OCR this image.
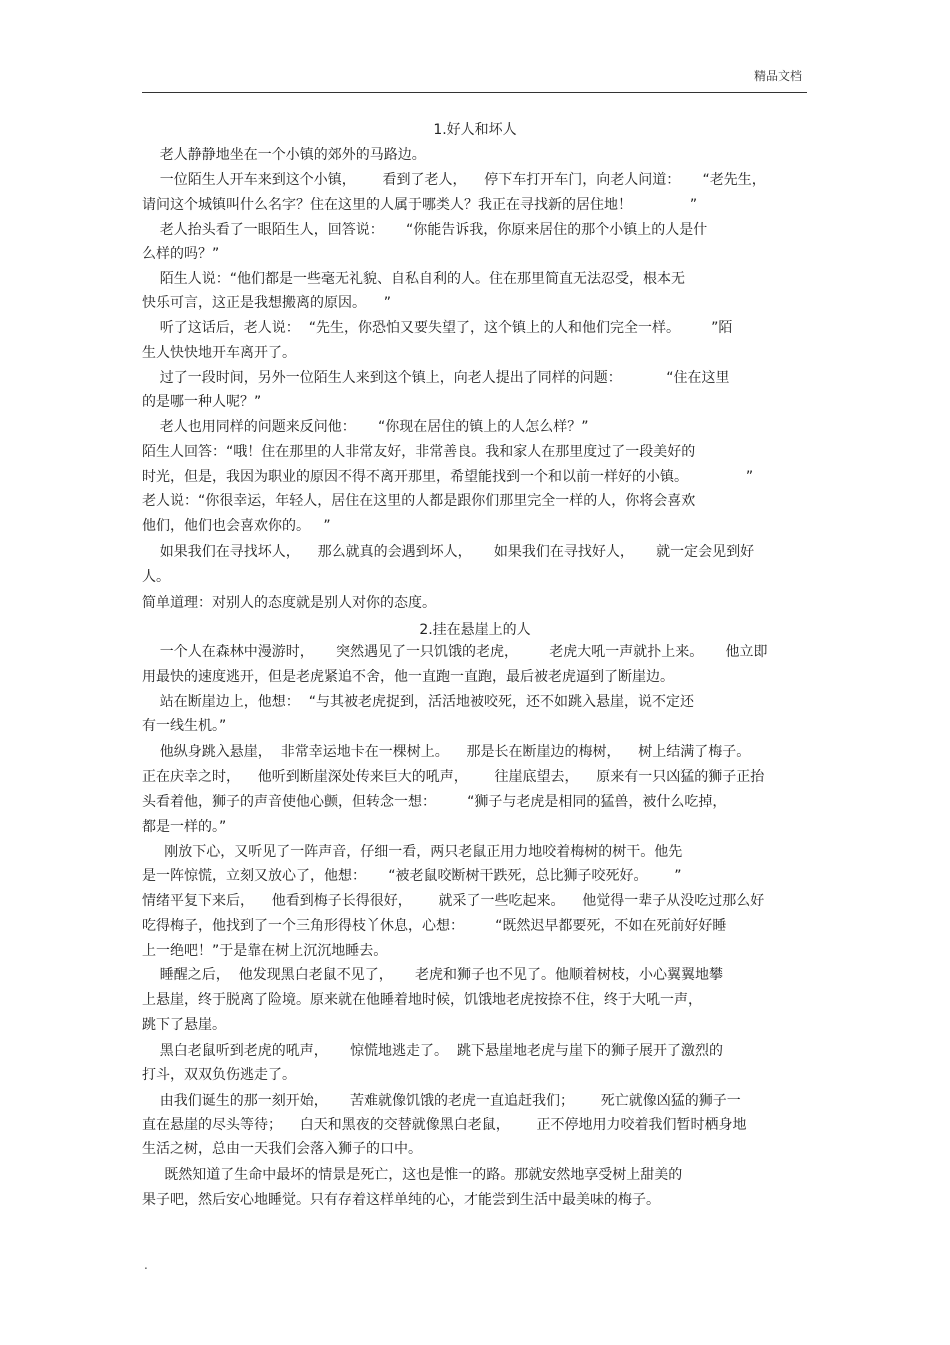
精品文档
1.好人和坏人
老人静静地坐在一个小镇的郊外的马路边。
一位陌生人开车来到这个小镇，      看到了老人，    停下车打开车门，向老人问道：     “老先生，
请问这个城镇叫什么名字？住在这里的人属于哪类人？我正在寻找新的居住地！             ”
老人抬头看了一眼陌生人，回答说：     “你能告诉我，你原来居住的那个小镇上的人是什
么样的吗？”
陌生人说：“他们都是一些毫无礼貌、自私自利的人。住在那里简直无法忍受，根本无
快乐可言，这正是我想搬离的原因。    ”
听了这话后，老人说：  “先生，你恐怕又要失望了，这个镇上的人和他们完全一样。       ”陌
生人快快地开车离开了。
过了一段时间，另外一位陌生人来到这个镇上，向老人提出了同样的问题：          “住在这里
的是哪一种人呢？”
老人也用同样的问题来反问他：     “你现在居住的镇上的人怎么样？”
陌生人回答：“哦！住在那里的人非常友好，非常善良。我和家人在那里度过了一段美好的
时光，但是，我因为职业的原因不得不离开那里，希望能找到一个和以前一样好的小镇。             ”
老人说：“你很幸运，年轻人，居住在这里的人都是跟你们那里完全一样的人，你将会喜欢
他们，他们也会喜欢你的。   ”
如果我们在寻找坏人，    那么就真的会遇到坏人，     如果我们在寻找好人，     就一定会见到好
人。
简单道理：对别人的态度就是别人对你的态度。
2.挂在悬崖上的人
一个人在森林中漫游时，     突然遇见了一只饥饿的老虎，       老虎大吼一声就扑上来。     他立即
用最快的速度逃开，但是老虎紧追不舍，他一直跑一直跑，最后被老虎逼到了断崖边。
站在断崖边上，他想：  “与其被老虎捉到，活活地被咬死，还不如跳入悬崖，说不定还
有一线生机。”
他纵身跳入悬崖，  非常幸运地卡在一棵树上。    那是长在断崖边的梅树，    树上结满了梅子。
正在庆幸之时，    他听到断崖深处传来巨大的吼声，      往崖底望去，    原来有一只凶猛的狮子正抬
头看着他，狮子的声音使他心颤，但转念一想：       “狮子与老虎是相同的猛兽，被什么吃掉，
都是一样的。”
刚放下心，又听见了一阵声音，仔细一看，两只老鼠正用力地咬着梅树的树干。他先
是一阵惊慌，立刻又放心了，他想：     “被老鼠咬断树干跌死，总比狮子咬死好。      ”
情绪平复下来后，    他看到梅子长得很好，      就采了一些吃起来。    他觉得一辈子从没吃过那么好
吃得梅子，他找到了一个三角形得枝丫休息，心想：       “既然迟早都要死，不如在死前好好睡
上一绝吧！”于是靠在树上沉沉地睡去。
睡醒之后，  他发现黑白老鼠不见了，     老虎和狮子也不见了。他顺着树枝，小心翼翼地攀
上悬崖，终于脱离了险境。原来就在他睡着地时候，饥饿地老虎按捺不住，终于大吼一声，
跳下了悬崖。
黑白老鼠听到老虎的吼声，     惊慌地逃走了。  跳下悬崖地老虎与崖下的狮子展开了激烈的
打斗，双双负伤逃走了。
由我们诞生的那一刻开始，     苦难就像饥饿的老虎一直追赶我们；      死亡就像凶猛的狮子一
直在悬崖的尽头等待；    白天和黑夜的交替就像黑白老鼠，      正不停地用力咬着我们暂时栖身地
生活之树，总由一天我们会落入狮子的口中。
既然知道了生命中最坏的情景是死亡，这也是惟一的路。那就安然地享受树上甜美的
果子吧，然后安心地睡觉。只有存着这样单纯的心，才能尝到生活中最美味的梅子。
.
